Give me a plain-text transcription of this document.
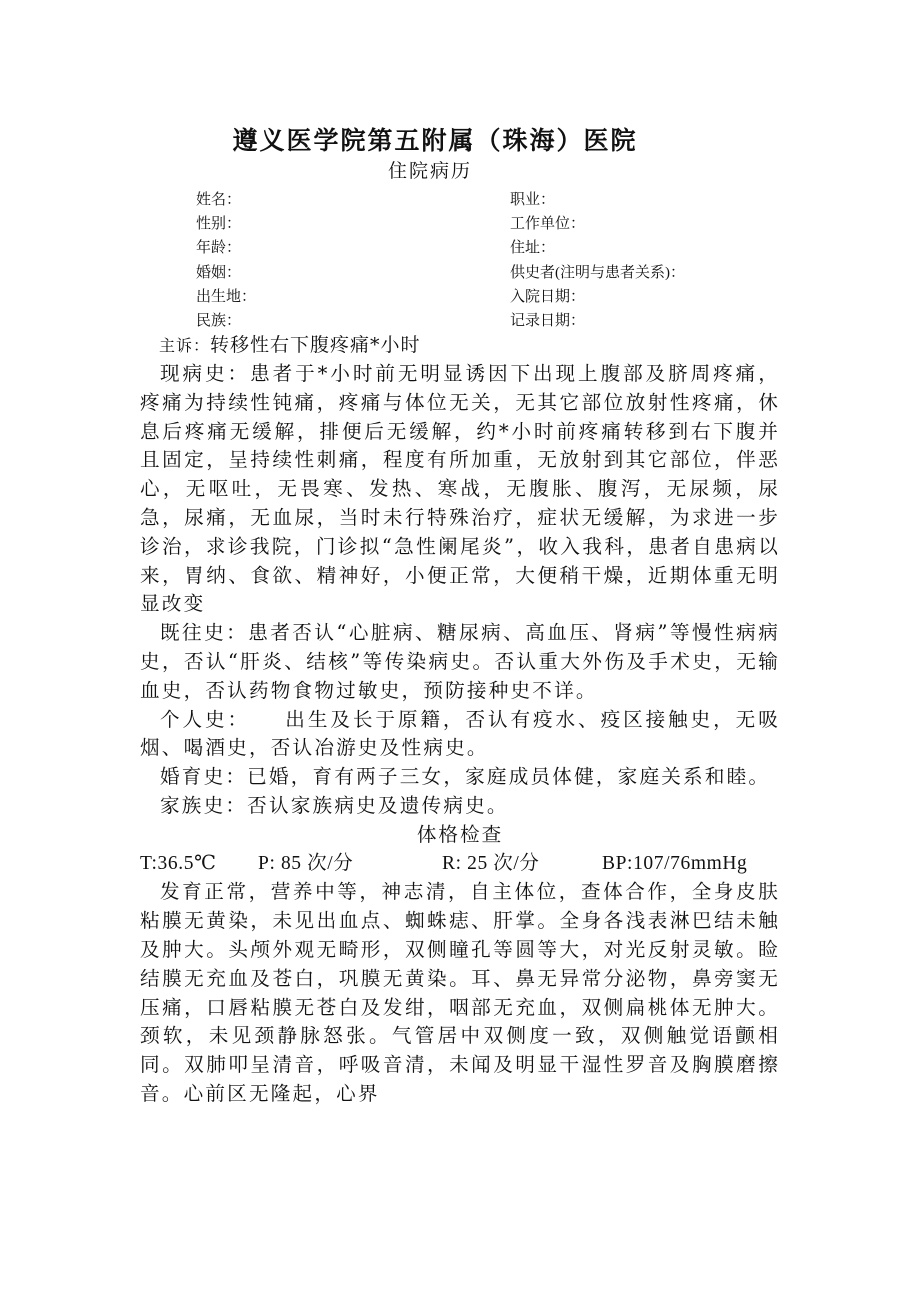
遵义医学院第五附属（珠海）医院
住院病历
姓名：	职业：
性别：	工作单位：
年龄：	住址：
婚姻：	供史者(注明与患者关系)：
出生地：	入院日期：
民族：	记录日期：
主诉：转移性右下腹疼痛*小时

现病史：患者于*小时前无明显诱因下出现上腹部及脐周疼痛，疼痛为持续性钝痛，疼痛与体位无关，无其它部位放射性疼痛，休息后疼痛无缓解，排便后无缓解，约*小时前疼痛转移到右下腹并且固定，呈持续性刺痛，程度有所加重，无放射到其它部位，伴恶心，无呕吐，无畏寒、发热、寒战，无腹胀、腹泻，无尿频，尿急，尿痛，无血尿，当时未行特殊治疗，症状无缓解，为求进一步诊治，求诊我院，门诊拟“急性阑尾炎”，收入我科，患者自患病以来，胃纳、食欲、精神好，小便正常，大便稍干燥，近期体重无明显改变

既往史：患者否认“心脏病、糖尿病、高血压、肾病”等慢性病病史，否认“肝炎、结核”等传染病史。否认重大外伤及手术史，无输血史，否认药物食物过敏史，预防接种史不详。

个人史：　　出生及长于原籍，否认有疫水、疫区接触史，无吸烟、喝酒史，否认冶游史及性病史。

婚育史：已婚，育有两子三女，家庭成员体健，家庭关系和睦。

家族史：否认家族病史及遗传病史。

体格检查

T:36.5℃ P: 85 次/分	R: 25 次/分	BP:107/76mmHg

发育正常，营养中等，神志清，自主体位，查体合作，全身皮肤粘膜无黄染，未见出血点、蜘蛛痣、肝掌。全身各浅表淋巴结未触及肿大。头颅外观无畸形，双侧瞳孔等圆等大，对光反射灵敏。睑结膜无充血及苍白，巩膜无黄染。耳、鼻无异常分泌物，鼻旁窦无压痛，口唇粘膜无苍白及发绀，咽部无充血，双侧扁桃体无肿大。颈软，未见颈静脉怒张。气管居中双侧度一致，双侧触觉语颤相同。双肺叩呈清音，呼吸音清，未闻及明显干湿性罗音及胸膜磨擦音。心前区无隆起，心界
